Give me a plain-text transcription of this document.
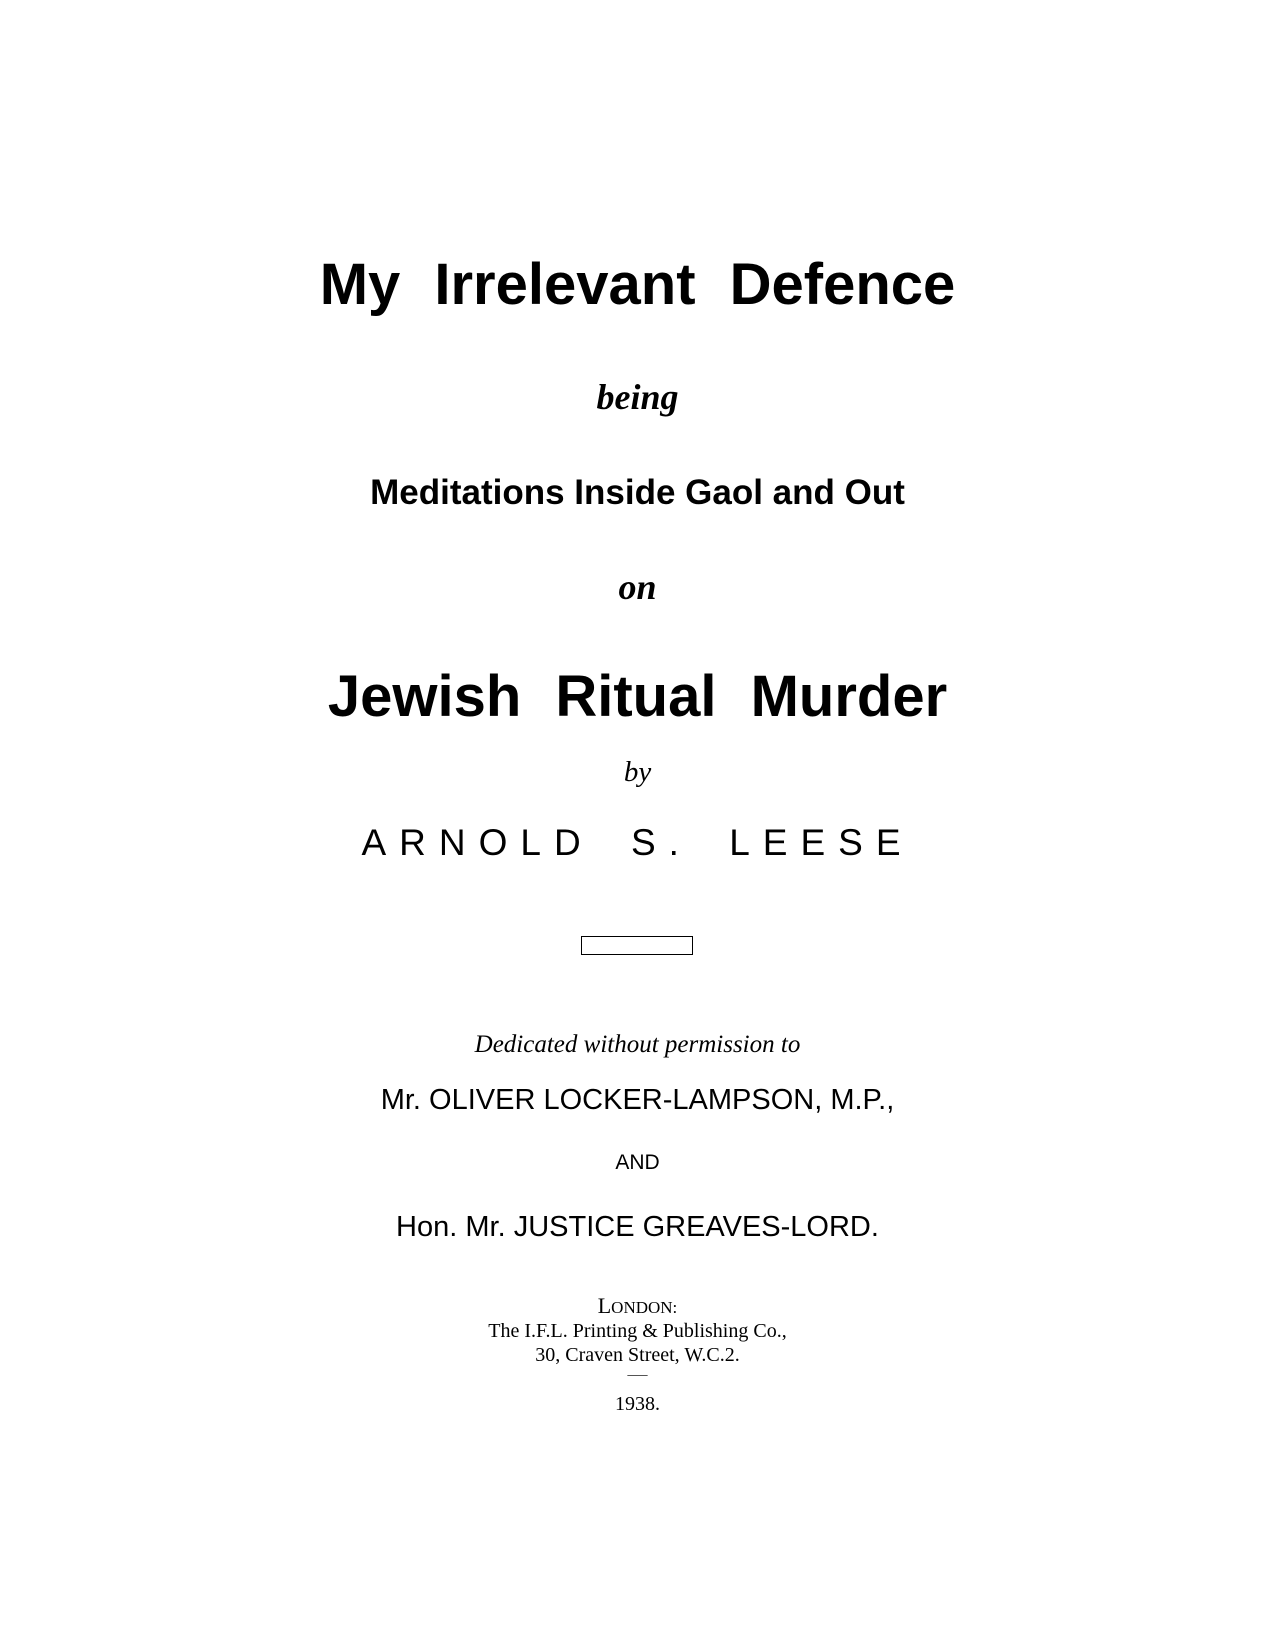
My Irrelevant Defence
being
Meditations Inside Gaol and Out
on
Jewish Ritual Murder
by
ARNOLD S. LEESE
Dedicated without permission to
Mr. OLIVER LOCKER-LAMPSON, M.P.,
AND
Hon. Mr. JUSTICE GREAVES-LORD.
LONDON:
The I.F.L. Printing & Publishing Co.,
30, Craven Street, W.C.2.
—
1938.
